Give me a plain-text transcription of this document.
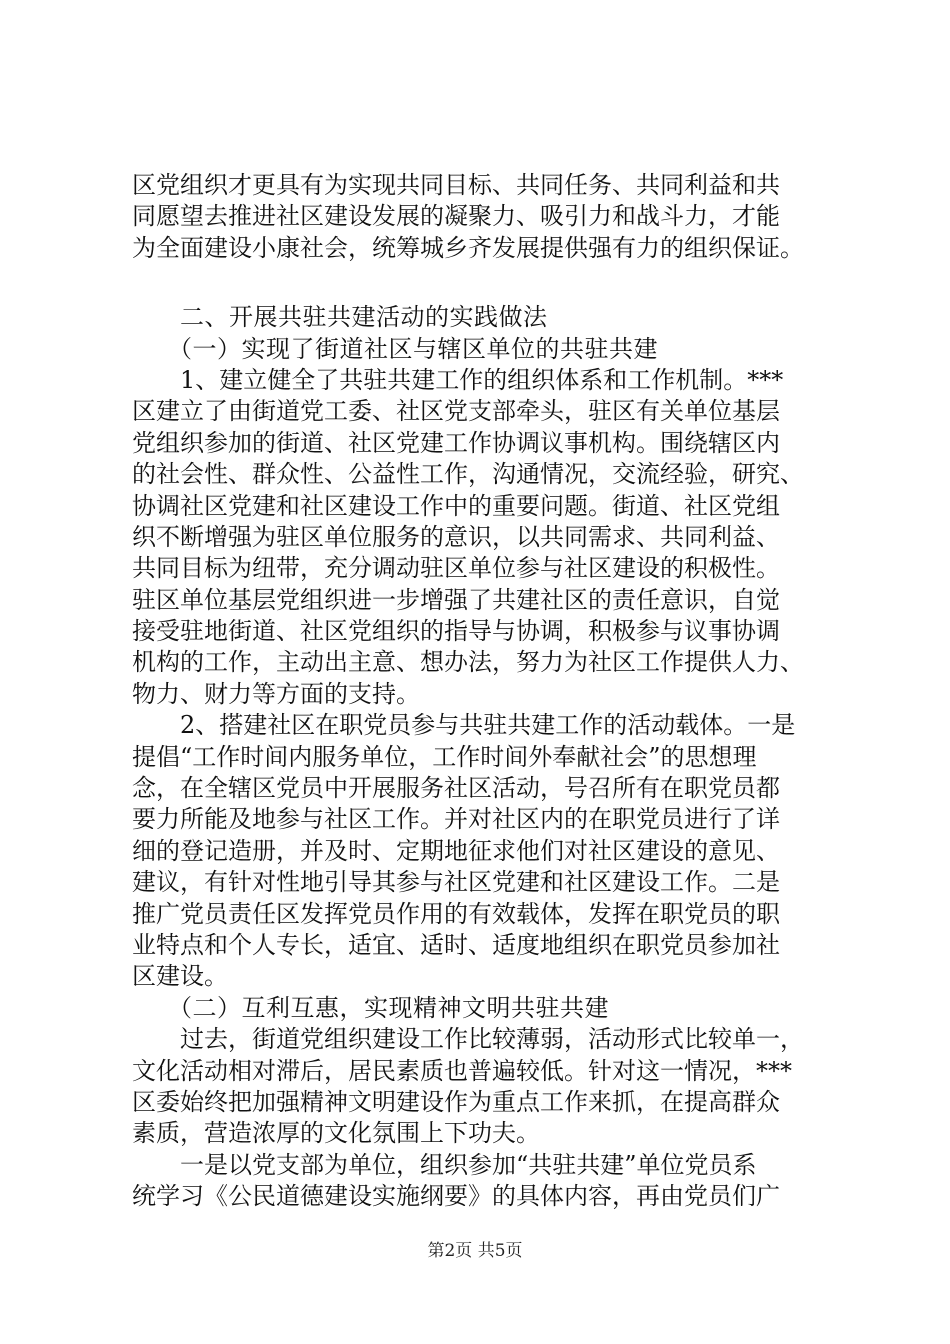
区党组织才更具有为实现共同目标、共同任务、共同利益和共
同愿望去推进社区建设发展的凝聚力、吸引力和战斗力，才能
为全面建设小康社会，统筹城乡齐发展提供强有力的组织保证。
二、开展共驻共建活动的实践做法
（一）实现了街道社区与辖区单位的共驻共建
1、建立健全了共驻共建工作的组织体系和工作机制。***
区建立了由街道党工委、社区党支部牵头，驻区有关单位基层
党组织参加的街道、社区党建工作协调议事机构。围绕辖区内
的社会性、群众性、公益性工作，沟通情况，交流经验，研究、
协调社区党建和社区建设工作中的重要问题。街道、社区党组
织不断增强为驻区单位服务的意识，以共同需求、共同利益、
共同目标为纽带，充分调动驻区单位参与社区建设的积极性。
驻区单位基层党组织进一步增强了共建社区的责任意识，自觉
接受驻地街道、社区党组织的指导与协调，积极参与议事协调
机构的工作，主动出主意、想办法，努力为社区工作提供人力、
物力、财力等方面的支持。
2、搭建社区在职党员参与共驻共建工作的活动载体。一是
提倡“工作时间内服务单位，工作时间外奉献社会”的思想理
念，在全辖区党员中开展服务社区活动，号召所有在职党员都
要力所能及地参与社区工作。并对社区内的在职党员进行了详
细的登记造册，并及时、定期地征求他们对社区建设的意见、
建议，有针对性地引导其参与社区党建和社区建设工作。二是
推广党员责任区发挥党员作用的有效载体，发挥在职党员的职
业特点和个人专长，适宜、适时、适度地组织在职党员参加社
区建设。
（二）互利互惠，实现精神文明共驻共建
过去，街道党组织建设工作比较薄弱，活动形式比较单一，
文化活动相对滞后，居民素质也普遍较低。针对这一情况，***
区委始终把加强精神文明建设作为重点工作来抓，在提高群众
素质，营造浓厚的文化氛围上下功夫。
一是以党支部为单位，组织参加“共驻共建”单位党员系
统学习《公民道德建设实施纲要》的具体内容，再由党员们广
第2页 共5页
